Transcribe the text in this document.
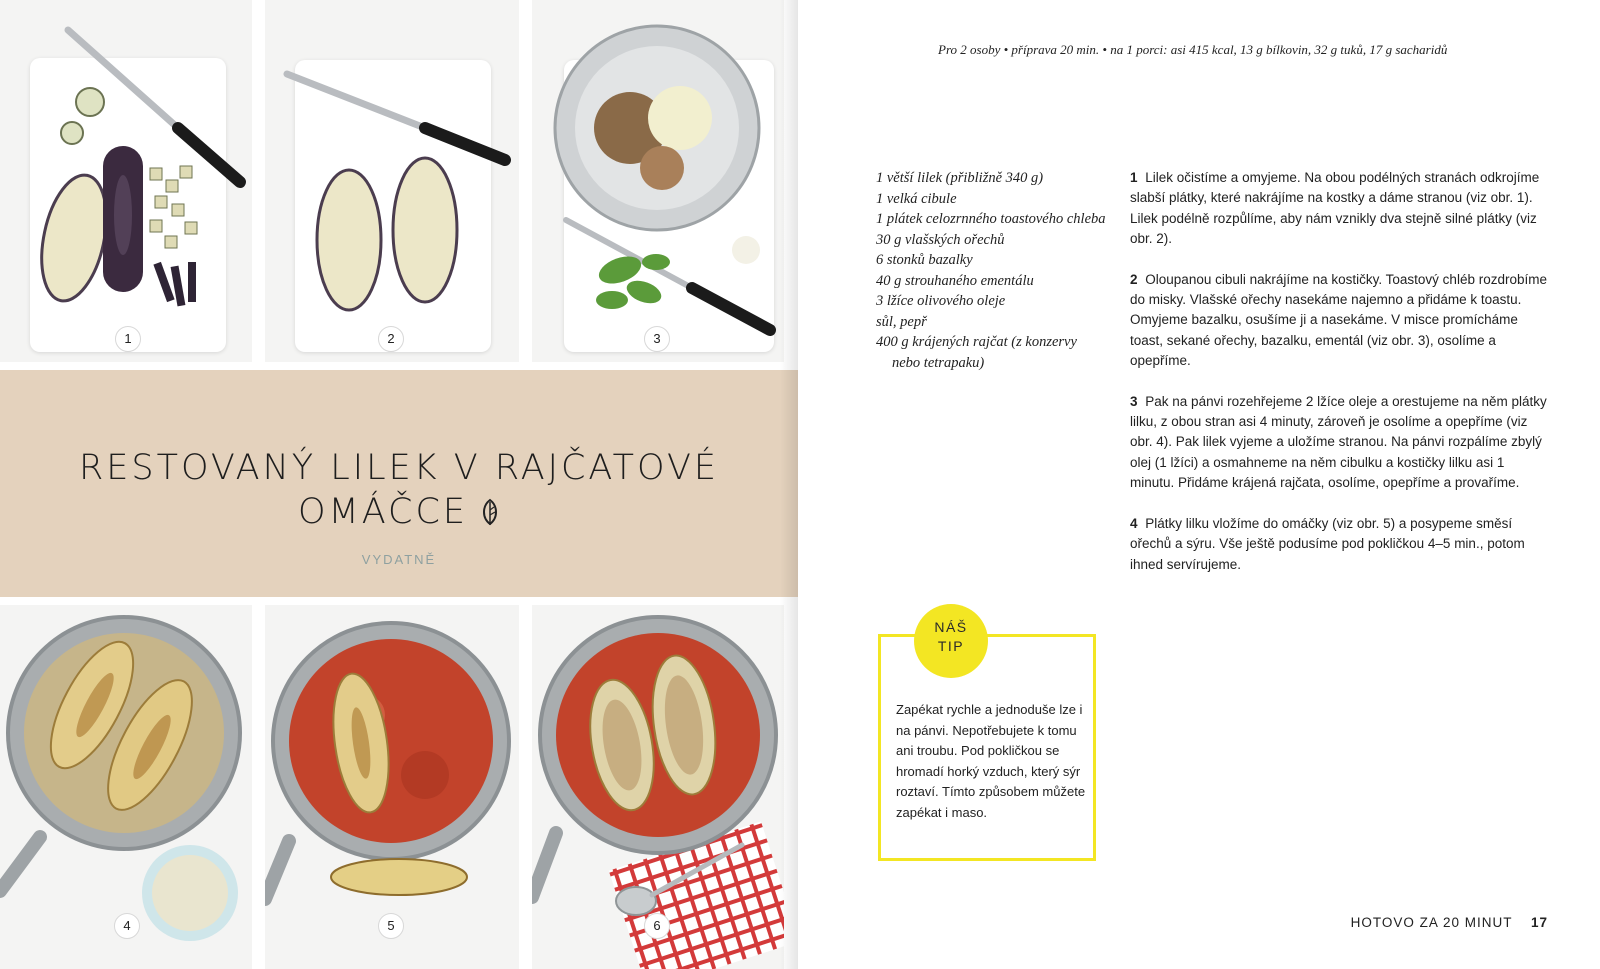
1	2	3
RESTOVANÝ LILEK V RAJČATOVÉ
OMÁČCE
VYDATNĚ
4	5	6
Pro 2 osoby • příprava 20 min. • na 1 porci: asi 415 kcal, 13 g bílkovin, 32 g tuků, 17 g sacharidů
1 větší lilek (přibližně 340 g)
1 velká cibule
1 plátek celozrnného toastového chleba
30 g vlašských ořechů
6 stonků bazalky
40 g strouhaného ementálu
3 lžíce olivového oleje
sůl, pepř
400 g krájených rajčat (z konzervy nebo tetrapaku)

1 Lilek očistíme a omyjeme. Na obou podélných stranách odkrojíme slabší plátky, které nakrájíme na kostky a dáme stranou (viz obr. 1). Lilek podélně rozpůlíme, aby nám vznikly dva stejně silné plátky (viz obr. 2).

2 Oloupanou cibuli nakrájíme na kostičky. Toastový chléb rozdrobíme do misky. Vlašské ořechy nasekáme najemno a přidáme k toastu. Omyjeme bazalku, osušíme ji a nasekáme. V misce promícháme toast, sekané ořechy, bazalku, ementál (viz obr. 3), osolíme a opepříme.

3 Pak na pánvi rozehřejeme 2 lžíce oleje a orestujeme na něm plátky lilku, z obou stran asi 4 minuty, zároveň je osolíme a opepříme (viz obr. 4). Pak lilek vyjeme a uložíme stranou. Na pánvi rozpálíme zbylý olej (1 lžíci) a osmahneme na něm cibulku a kostičky lilku asi 1 minutu. Přidáme krájená rajčata, osolíme, opepříme a provaříme.

4 Plátky lilku vložíme do omáčky (viz obr. 5) a posypeme směsí ořechů a sýru. Vše ještě podusíme pod pokličkou 4–5 min., potom ihned servírujeme.

NÁŠ
TIP
Zapékat rychle a jednoduše lze i na pánvi. Nepotřebujete k tomu ani troubu. Pod pokličkou se hromadí horký vzduch, který sýr roztaví. Tímto způsobem můžete zapékat i maso.
HOTOVO ZA 20 MINUT 17
